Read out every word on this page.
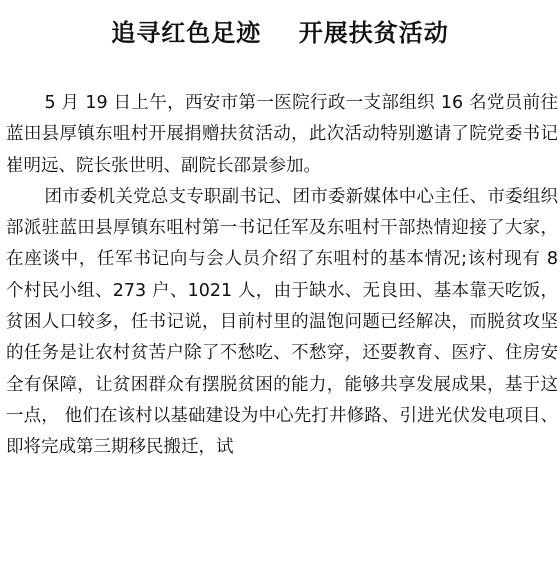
追寻红色足迹    开展扶贫活动

5 月 19 日上午，西安市第一医院行政一支部组织 16 名党员前往蓝田县厚镇东咀村开展捐赠扶贫活动，此次活动特别邀请了院党委书记崔明远、院长张世明、副院长邵景参加。

团市委机关党总支专职副书记、团市委新媒体中心主任、市委组织部派驻蓝田县厚镇东咀村第一书记任军及东咀村干部热情迎接了大家，在座谈中，任军书记向与会人员介绍了东咀村的基本情况;该村现有 8 个村民小组、273 户、1021 人，由于缺水、无良田、基本靠天吃饭，贫困人口较多，任书记说，目前村里的温饱问题已经解决，而脱贫攻坚的任务是让农村贫苦户除了不愁吃、不愁穿，还要教育、医疗、住房安全有保障，让贫困群众有摆脱贫困的能力，能够共享发展成果，基于这一点， 他们在该村以基础建设为中心先打井修路、引进光伏发电项目、即将完成第三期移民搬迁，试
